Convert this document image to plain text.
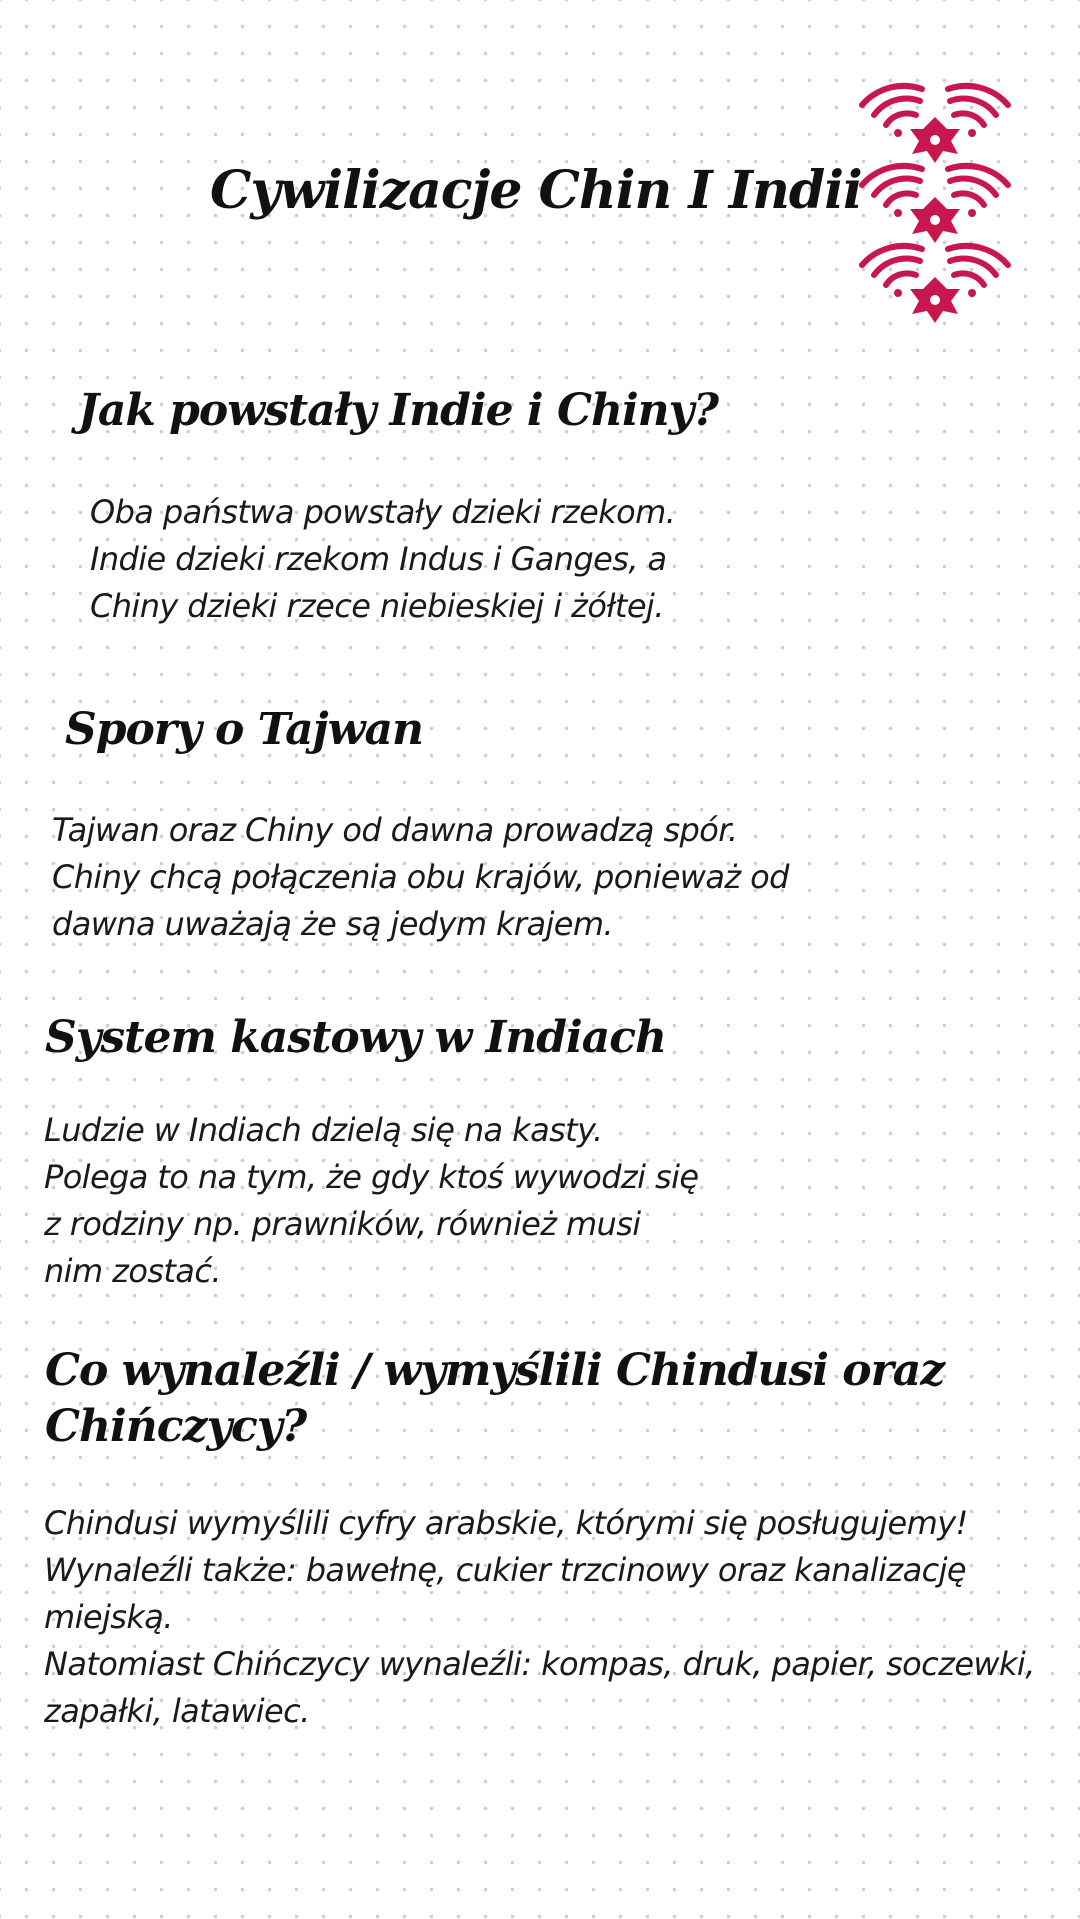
Cywilizacje Chin I Indii
Jak powstały Indie i Chiny?
Oba państwa powstały dzieki rzekom.
Indie dzieki rzekom Indus i Ganges, a
Chiny dzieki rzece niebieskiej i żółtej.
Spory o Tajwan
Tajwan oraz Chiny od dawna prowadzą spór.
Chiny chcą połączenia obu krajów, ponieważ od
dawna uważają że są jedym krajem.
System kastowy w Indiach
Ludzie w Indiach dzielą się na kasty.
Polega to na tym, że gdy ktoś wywodzi się
z rodziny np. prawników, również musi
nim zostać.
Co wynaleźli / wymyślili Chindusi oraz
Chińczycy?
Chindusi wymyślili cyfry arabskie, którymi się posługujemy!
Wynaleźli także: bawełnę, cukier trzcinowy oraz kanalizację
miejską.
Natomiast Chińczycy wynaleźli: kompas, druk, papier, soczewki,
zapałki, latawiec.
